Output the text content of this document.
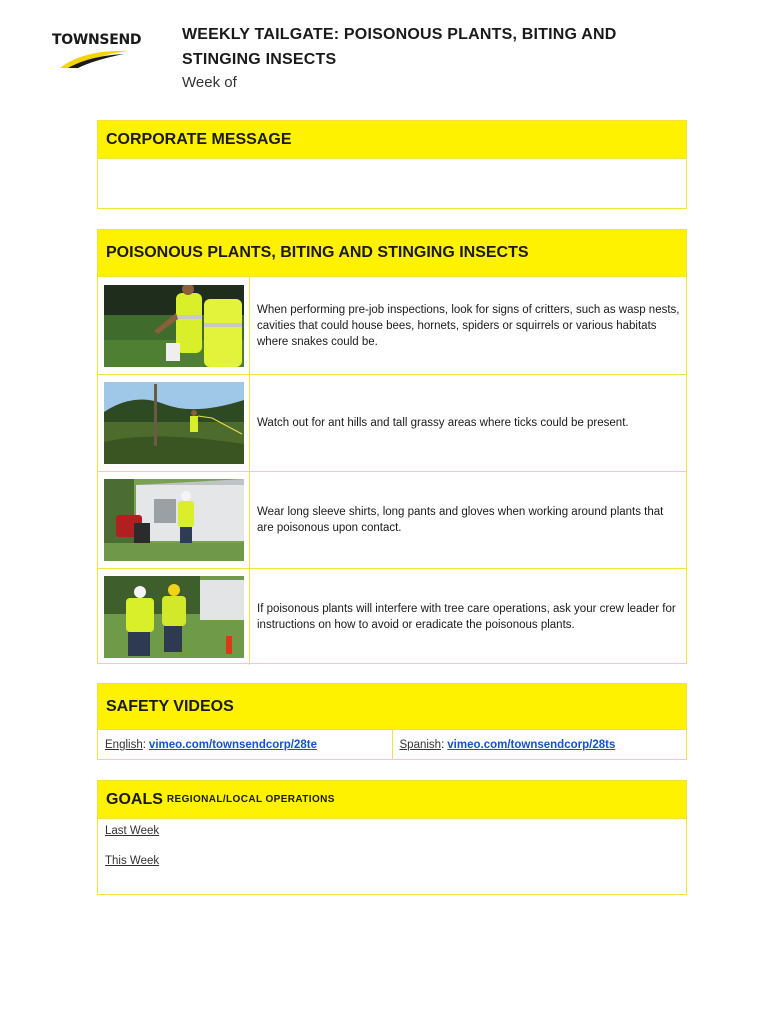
TOWNSEND	WEEKLY TAILGATE: POISONOUS PLANTS, BITING AND STINGING INSECTS
Week of
CORPORATE MESSAGE
POISONOUS PLANTS, BITING AND STINGING INSECTS
When performing pre-job inspections, look for signs of critters, such as wasp nests, cavities that could house bees, hornets, spiders or squirrels or various habitats where snakes could be.
Watch out for ant hills and tall grassy areas where ticks could be present.
Wear long sleeve shirts, long pants and gloves when working around plants that are poisonous upon contact.
If poisonous plants will interfere with tree care operations, ask your crew leader for instructions on how to avoid or eradicate the poisonous plants.
SAFETY VIDEOS
English : vimeo.com/townsendcorp/28te	Spanish : vimeo.com/townsendcorp/28ts
GOALS REGIONAL/LOCAL OPERATIONS
Last Week
This Week
